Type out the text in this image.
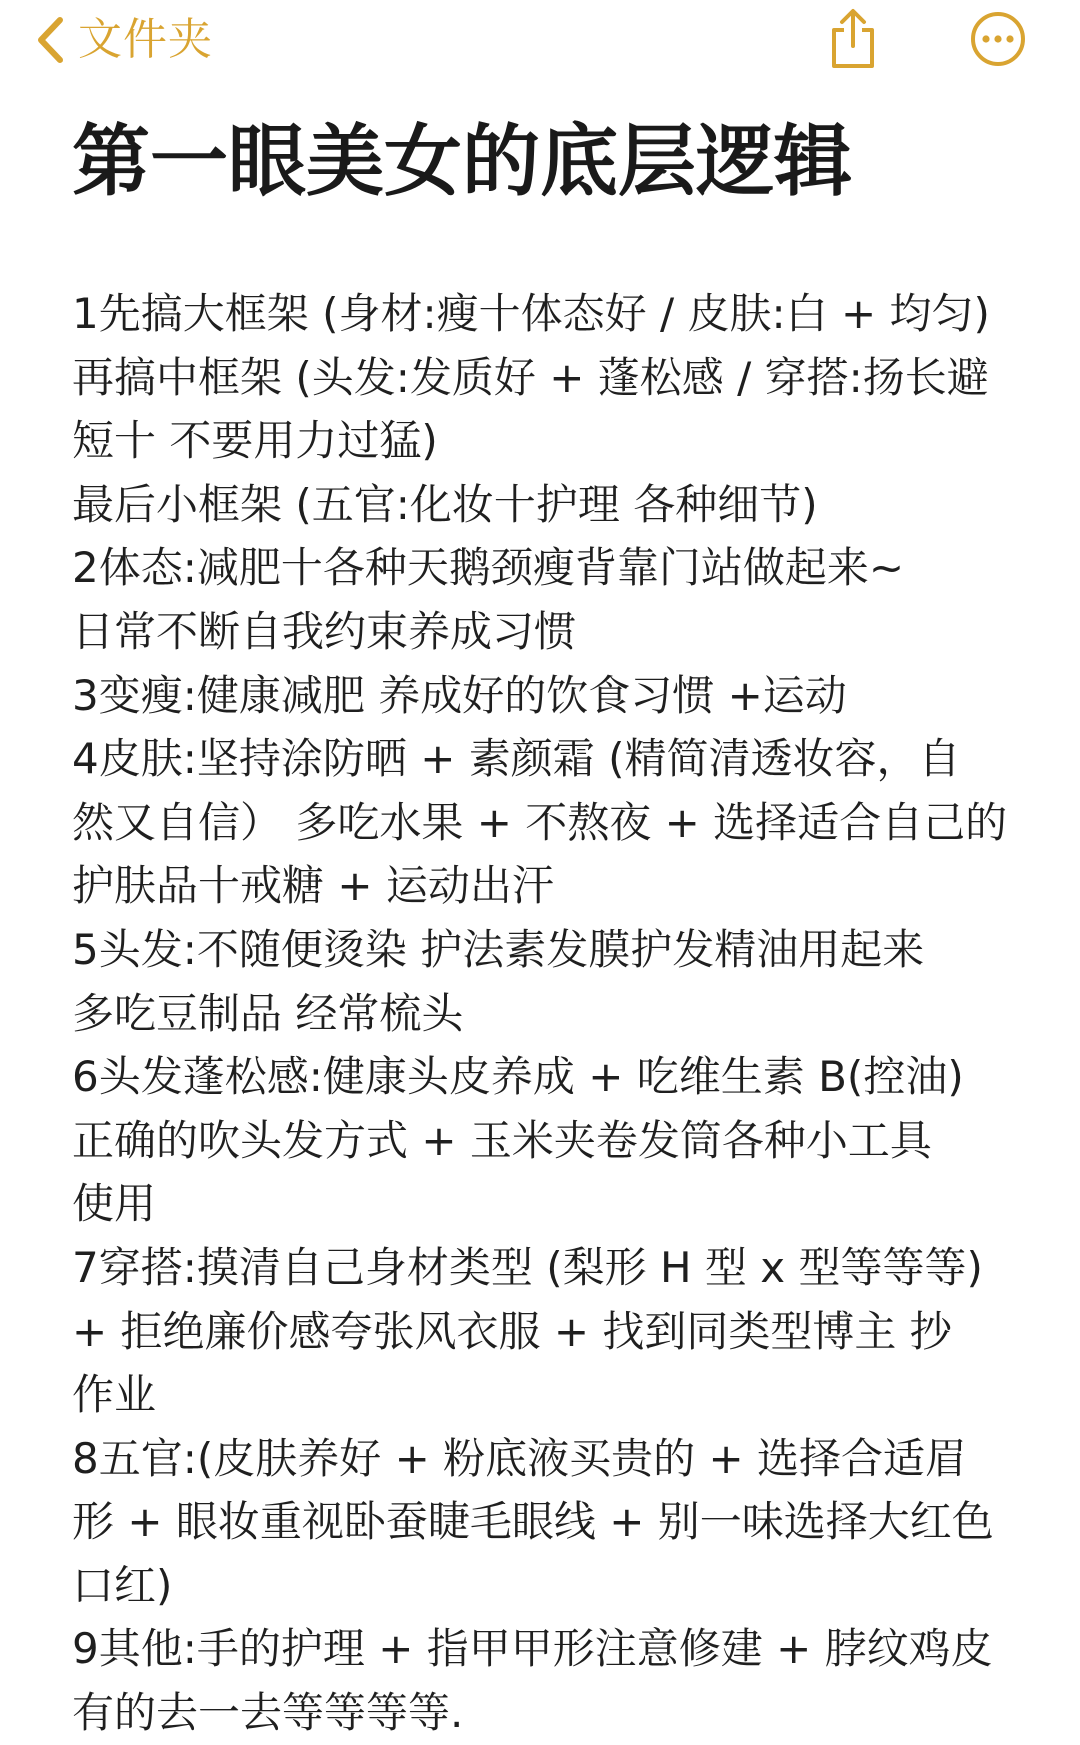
文件夹
第一眼美女的底层逻辑
1先搞大框架 (身材:瘦十体态好 / 皮肤:白 + 均匀)
再搞中框架 (头发:发质好 + 蓬松感 / 穿搭:扬长避
短十 不要用力过猛)
最后小框架 (五官:化妆十护理 各种细节)
2体态:减肥十各种天鹅颈瘦背靠门站做起来~
日常不断自我约束养成习惯
3变瘦:健康减肥 养成好的饮食习惯 +运动
4皮肤:坚持涂防晒 + 素颜霜 (精简清透妆容，自
然又自信） 多吃水果 + 不熬夜 + 选择适合自己的
护肤品十戒糖 + 运动出汗
5头发:不随便烫染 护法素发膜护发精油用起来
多吃豆制品 经常梳头
6头发蓬松感:健康头皮养成 + 吃维生素 B(控油)
正确的吹头发方式 + 玉米夹卷发筒各种小工具
使用
7穿搭:摸清自己身材类型 (梨形 H 型 x 型等等等)
+ 拒绝廉价感夸张风衣服 + 找到同类型博主 抄
作业
8五官:(皮肤养好 + 粉底液买贵的 + 选择合适眉
形 + 眼妆重视卧蚕睫毛眼线 + 别一味选择大红色
口红)
9其他:手的护理 + 指甲甲形注意修建 + 脖纹鸡皮
有的去一去等等等等.
